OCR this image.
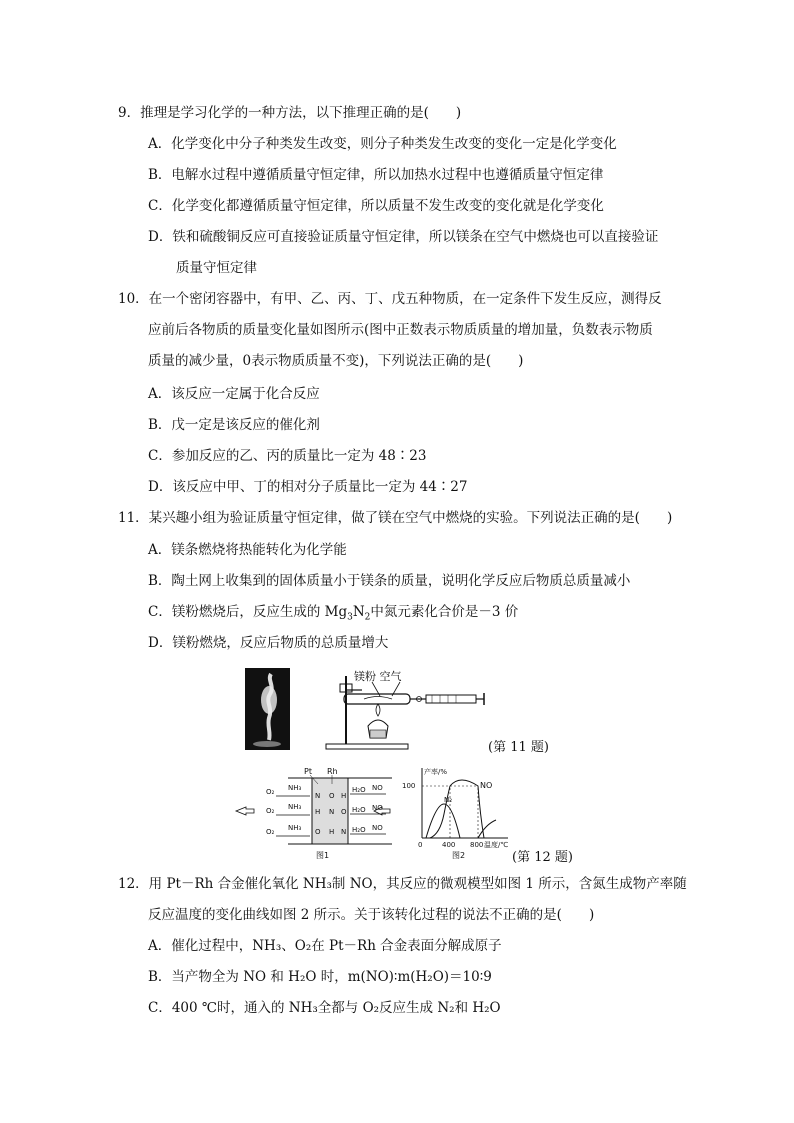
9．推理是学习化学的一种方法，以下推理正确的是(　　)
A．化学变化中分子种类发生改变，则分子种类发生改变的变化一定是化学变化
B．电解水过程中遵循质量守恒定律，所以加热水过程中也遵循质量守恒定律
C．化学变化都遵循质量守恒定律，所以质量不发生改变的变化就是化学变化
D．铁和硫酸铜反应可直接验证质量守恒定律，所以镁条在空气中燃烧也可以直接验证
质量守恒定律
10．在一个密闭容器中，有甲、乙、丙、丁、戊五种物质，在一定条件下发生反应，测得反
应前后各物质的质量变化量如图所示(图中正数表示物质质量的增加量，负数表示物质
质量的减少量，0表示物质质量不变)，下列说法正确的是(　　)
A．该反应一定属于化合反应
B．戊一定是该反应的催化剂
C．参加反应的乙、丙的质量比一定为 48∶23
D．该反应中甲、丁的相对分子质量比一定为 44∶27
11．某兴趣小组为验证质量守恒定律，做了镁在空气中燃烧的实验。下列说法正确的是(　　)
A．镁条燃烧将热能转化为化学能
B．陶土网上收集到的固体质量小于镁条的质量，说明化学反应后物质总质量减小
C．镁粉燃烧后，反应生成的 $Mg_3N_2$中氮元素化合价是－3 价
D．镁粉燃烧，反应后物质的总质量增大
镁粉 空气
(第 11 题)
Pt Rh
O₂ NH₃
O₂ NH₃
O₂ NH₃
N O H
H N O
O H N
H₂O NO
H₂O NO
H₂O NO
图1
产率/%
100	NO
N₂
0	400 800 温度/℃
图2	(第 12 题)
12．用 Pt－Rh 合金催化氧化 NH₃制 NO，其反应的微观模型如图 1 所示，含氮生成物产率随
反应温度的变化曲线如图 2 所示。关于该转化过程的说法不正确的是(　　)
A．催化过程中，NH₃、O₂在 Pt－Rh 合金表面分解成原子
B．当产物全为 NO 和 H₂O 时，m(NO)∶m(H₂O)＝10∶9
C．400 ℃时，通入的 NH₃全都与 O₂反应生成 N₂和 H₂O
